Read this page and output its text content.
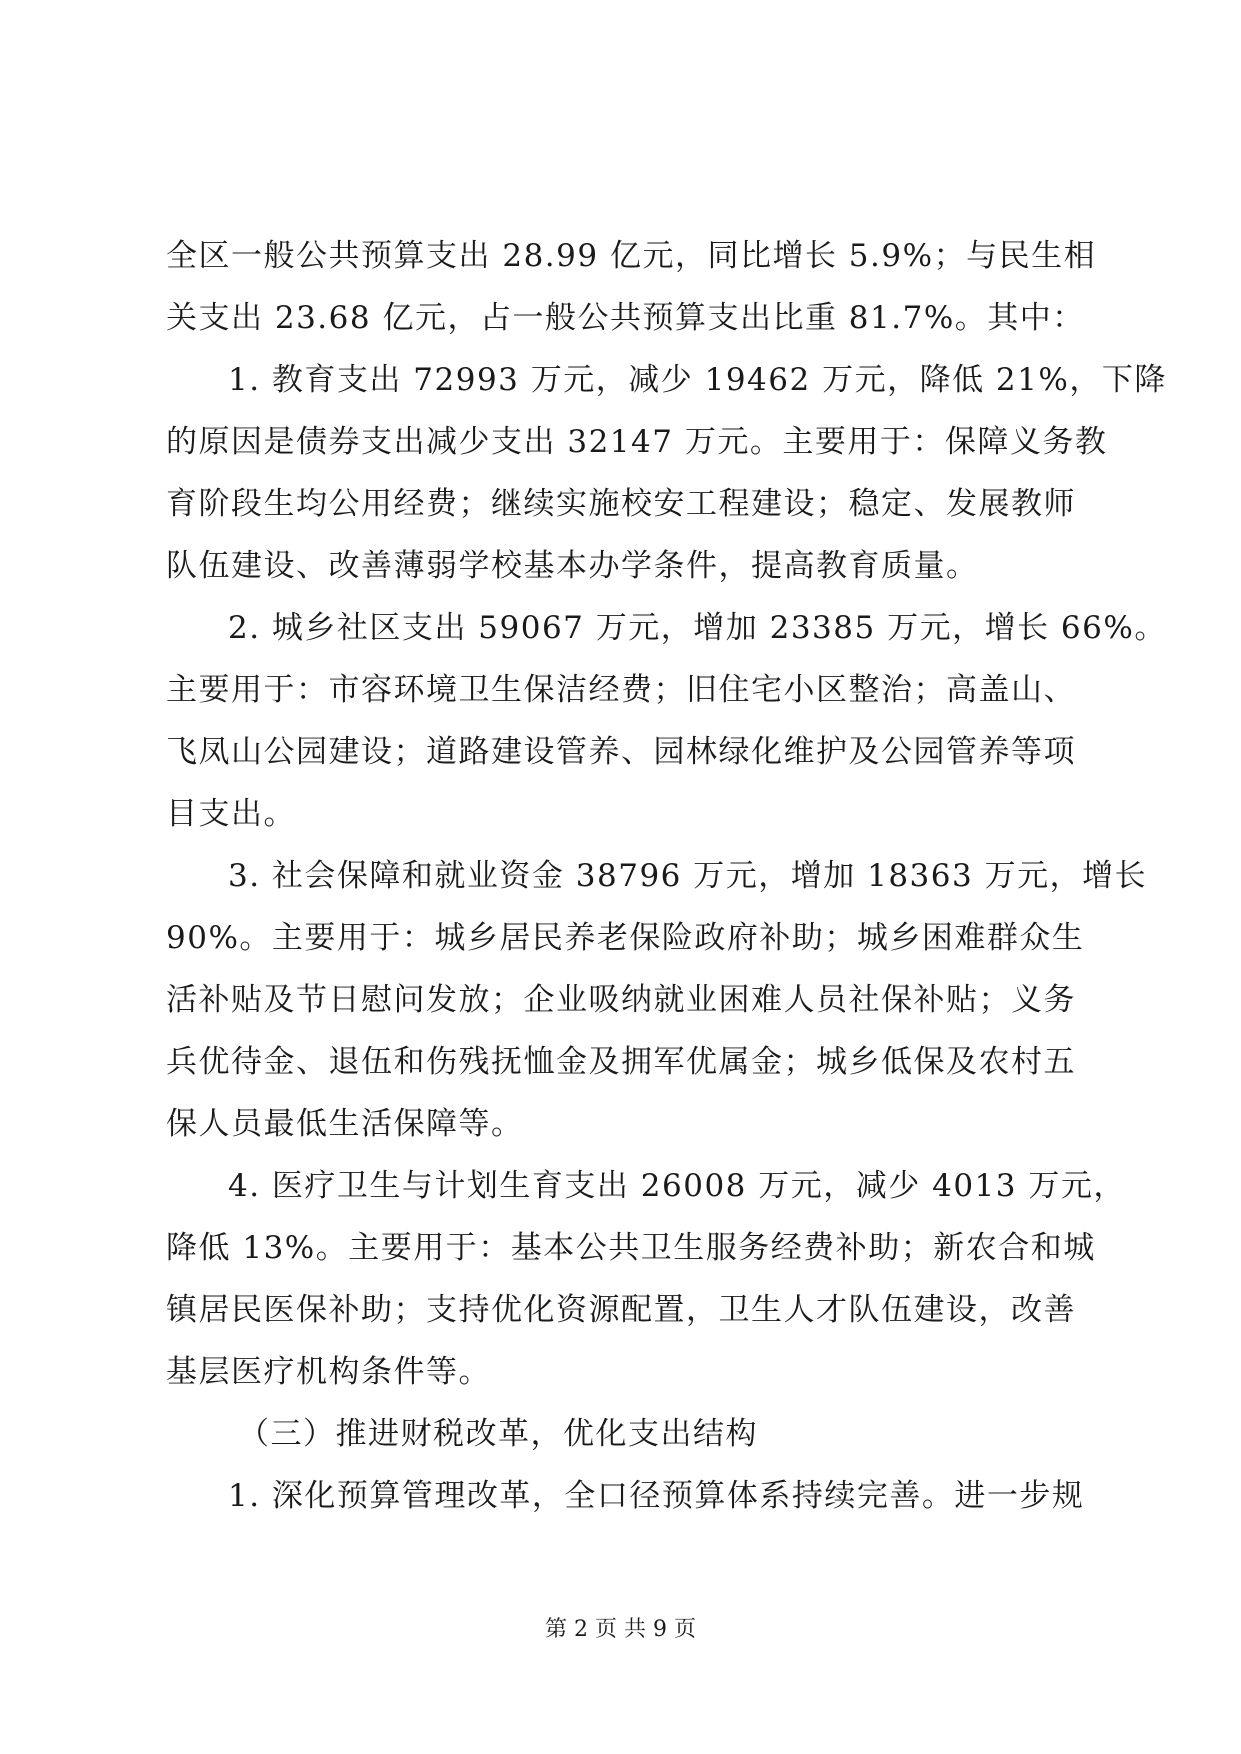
全区一般公共预算支出 28.99 亿元，同比增长 5.9%；与民生相
关支出 23.68 亿元，占一般公共预算支出比重 81.7%。其中：
1. 教育支出 72993 万元，减少 19462 万元，降低 21%，下降
的原因是债券支出减少支出 32147 万元。主要用于：保障义务教
育阶段生均公用经费；继续实施校安工程建设；稳定、发展教师
队伍建设、改善薄弱学校基本办学条件，提高教育质量。
2. 城乡社区支出 59067 万元，增加 23385 万元，增长 66%。
主要用于：市容环境卫生保洁经费；旧住宅小区整治；高盖山、
飞凤山公园建设；道路建设管养、园林绿化维护及公园管养等项
目支出。
3. 社会保障和就业资金 38796 万元，增加 18363 万元，增长
90%。主要用于：城乡居民养老保险政府补助；城乡困难群众生
活补贴及节日慰问发放；企业吸纳就业困难人员社保补贴；义务
兵优待金、退伍和伤残抚恤金及拥军优属金；城乡低保及农村五
保人员最低生活保障等。
4. 医疗卫生与计划生育支出 26008 万元，减少 4013 万元，
降低 13%。主要用于：基本公共卫生服务经费补助；新农合和城
镇居民医保补助；支持优化资源配置，卫生人才队伍建设，改善
基层医疗机构条件等。
（三）推进财税改革，优化支出结构
1. 深化预算管理改革，全口径预算体系持续完善。进一步规
第 2 页 共 9 页
